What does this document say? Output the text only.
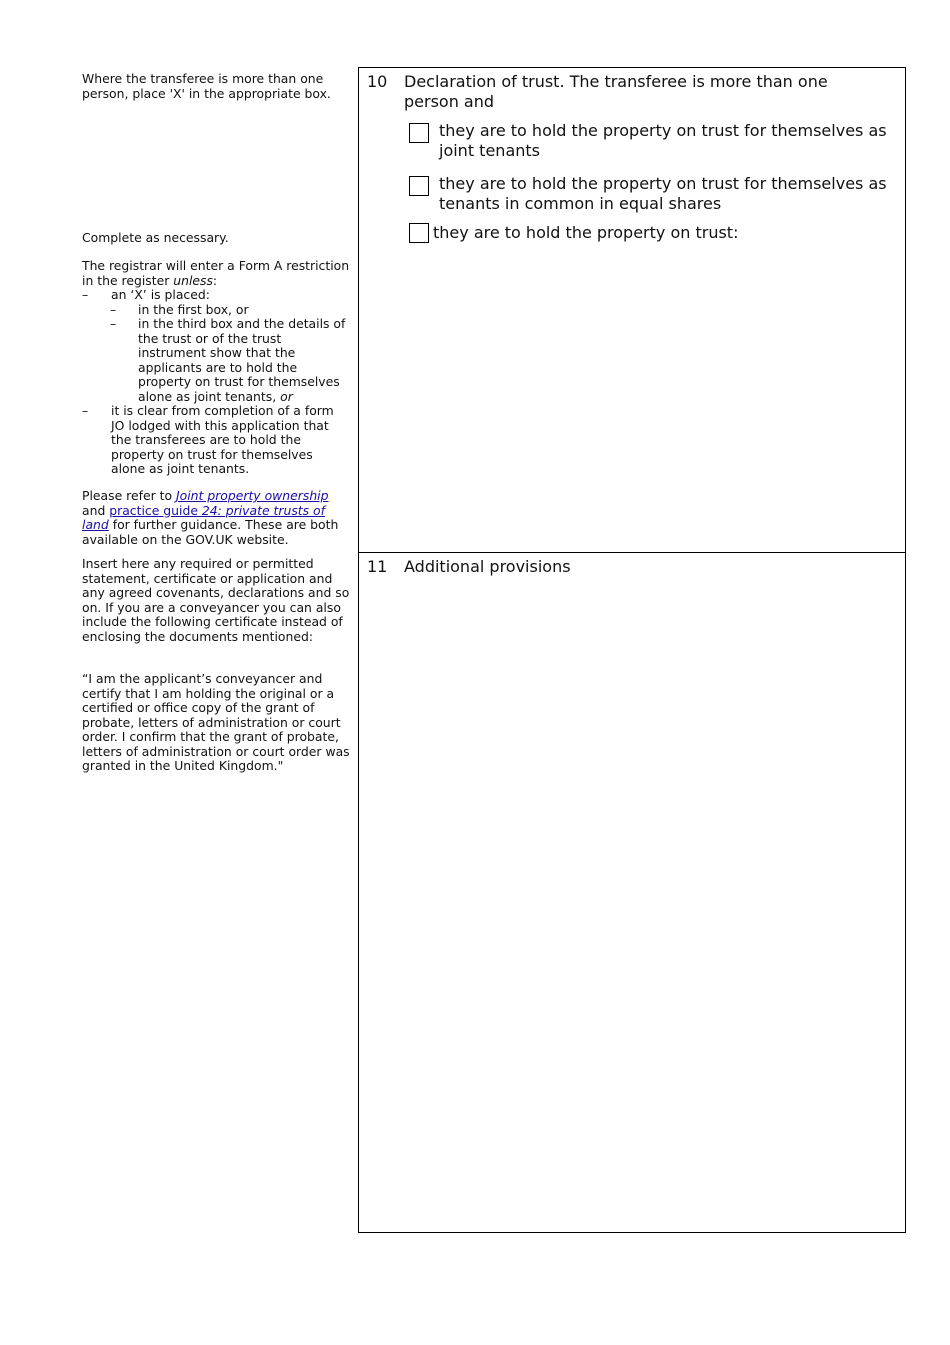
Where the transferee is more than one person, place 'X' in the appropriate box.

Complete as necessary.

The registrar will enter a Form A restriction in the register unless:

– an ‘X’ is placed:
– in the first box, or
– in the third box and the details of the trust or of the trust instrument show that the applicants are to hold the property on trust for themselves alone as joint tenants, or
– it is clear from completion of a form JO lodged with this application that the transferees are to hold the property on trust for themselves alone as joint tenants.

Please refer to Joint property ownership and practice guide 24: private trusts of land for further guidance. These are both available on the GOV.UK website.

Insert here any required or permitted statement, certificate or application and any agreed covenants, declarations and so on. If you are a conveyancer you can also include the following certificate instead of enclosing the documents mentioned:

“I am the applicant’s conveyancer and certify that I am holding the original or a certified or office copy of the grant of probate, letters of administration or court order. I confirm that the grant of probate, letters of administration or court order was granted in the United Kingdom."

10 Declaration of trust. The transferee is more than one person and
they are to hold the property on trust for themselves as joint tenants
they are to hold the property on trust for themselves as tenants in common in equal shares
they are to hold the property on trust:
11 Additional provisions
